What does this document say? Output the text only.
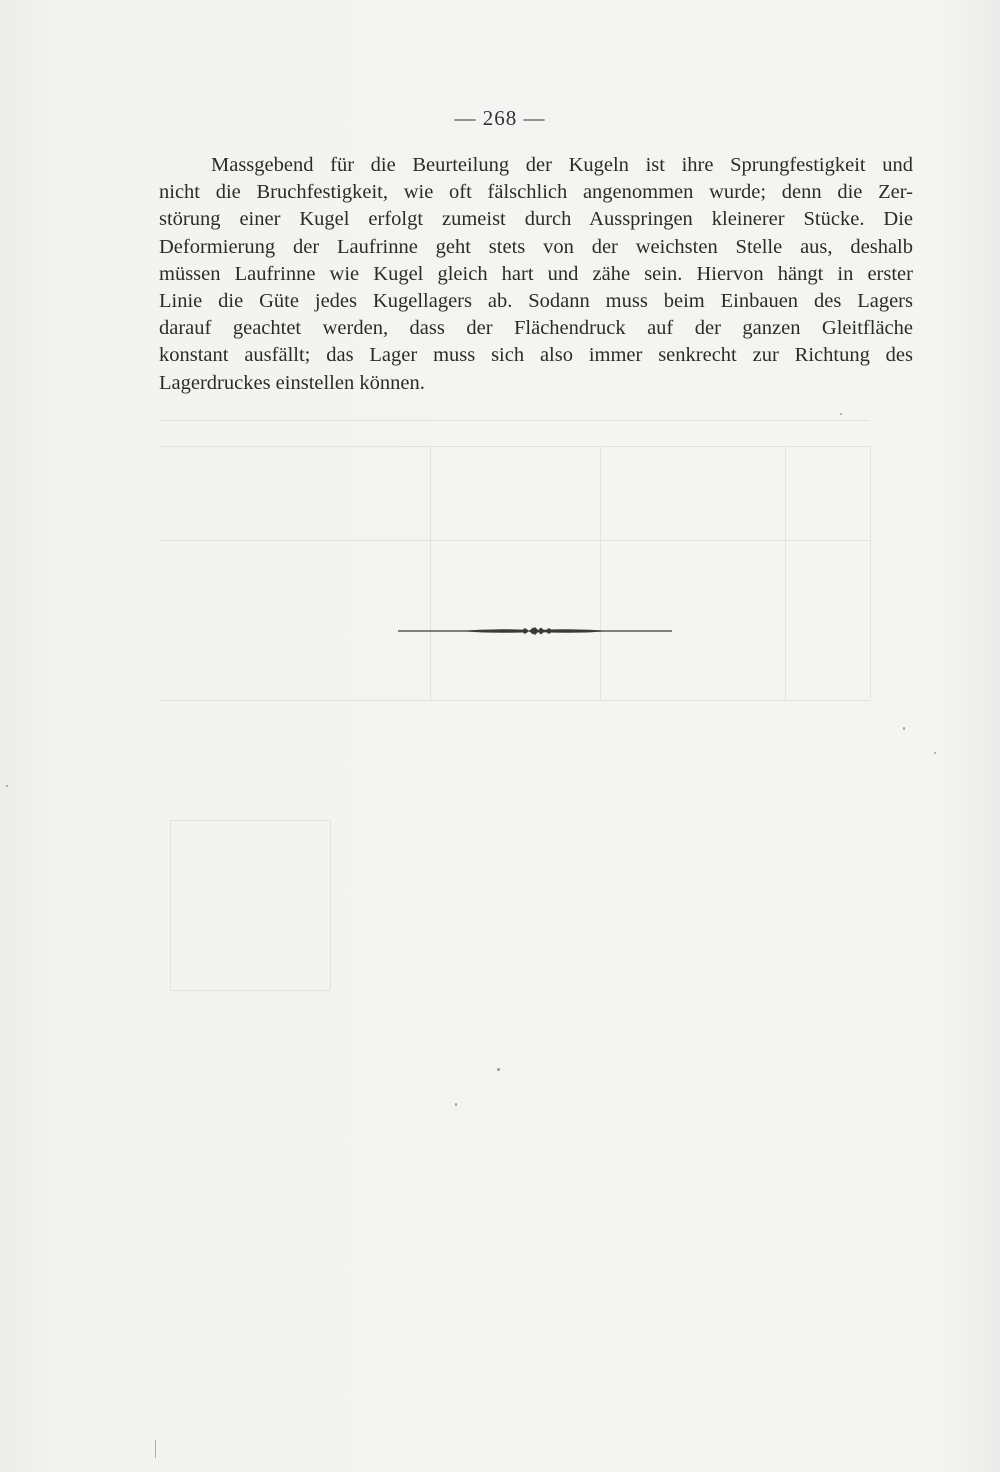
— 268 —
Massgebend für die Beurteilung der Kugeln ist ihre Sprungfestigkeit und
nicht die Bruchfestigkeit, wie oft fälschlich angenommen wurde; denn die Zer-
störung einer Kugel erfolgt zumeist durch Ausspringen kleinerer Stücke. Die
Deformierung der Laufrinne geht stets von der weichsten Stelle aus, deshalb
müssen Laufrinne wie Kugel gleich hart und zähe sein. Hiervon hängt in erster
Linie die Güte jedes Kugellagers ab. Sodann muss beim Einbauen des Lagers
darauf geachtet werden, dass der Flächendruck auf der ganzen Gleitfläche
konstant ausfällt; das Lager muss sich also immer senkrecht zur Richtung des
Lagerdruckes einstellen können.
